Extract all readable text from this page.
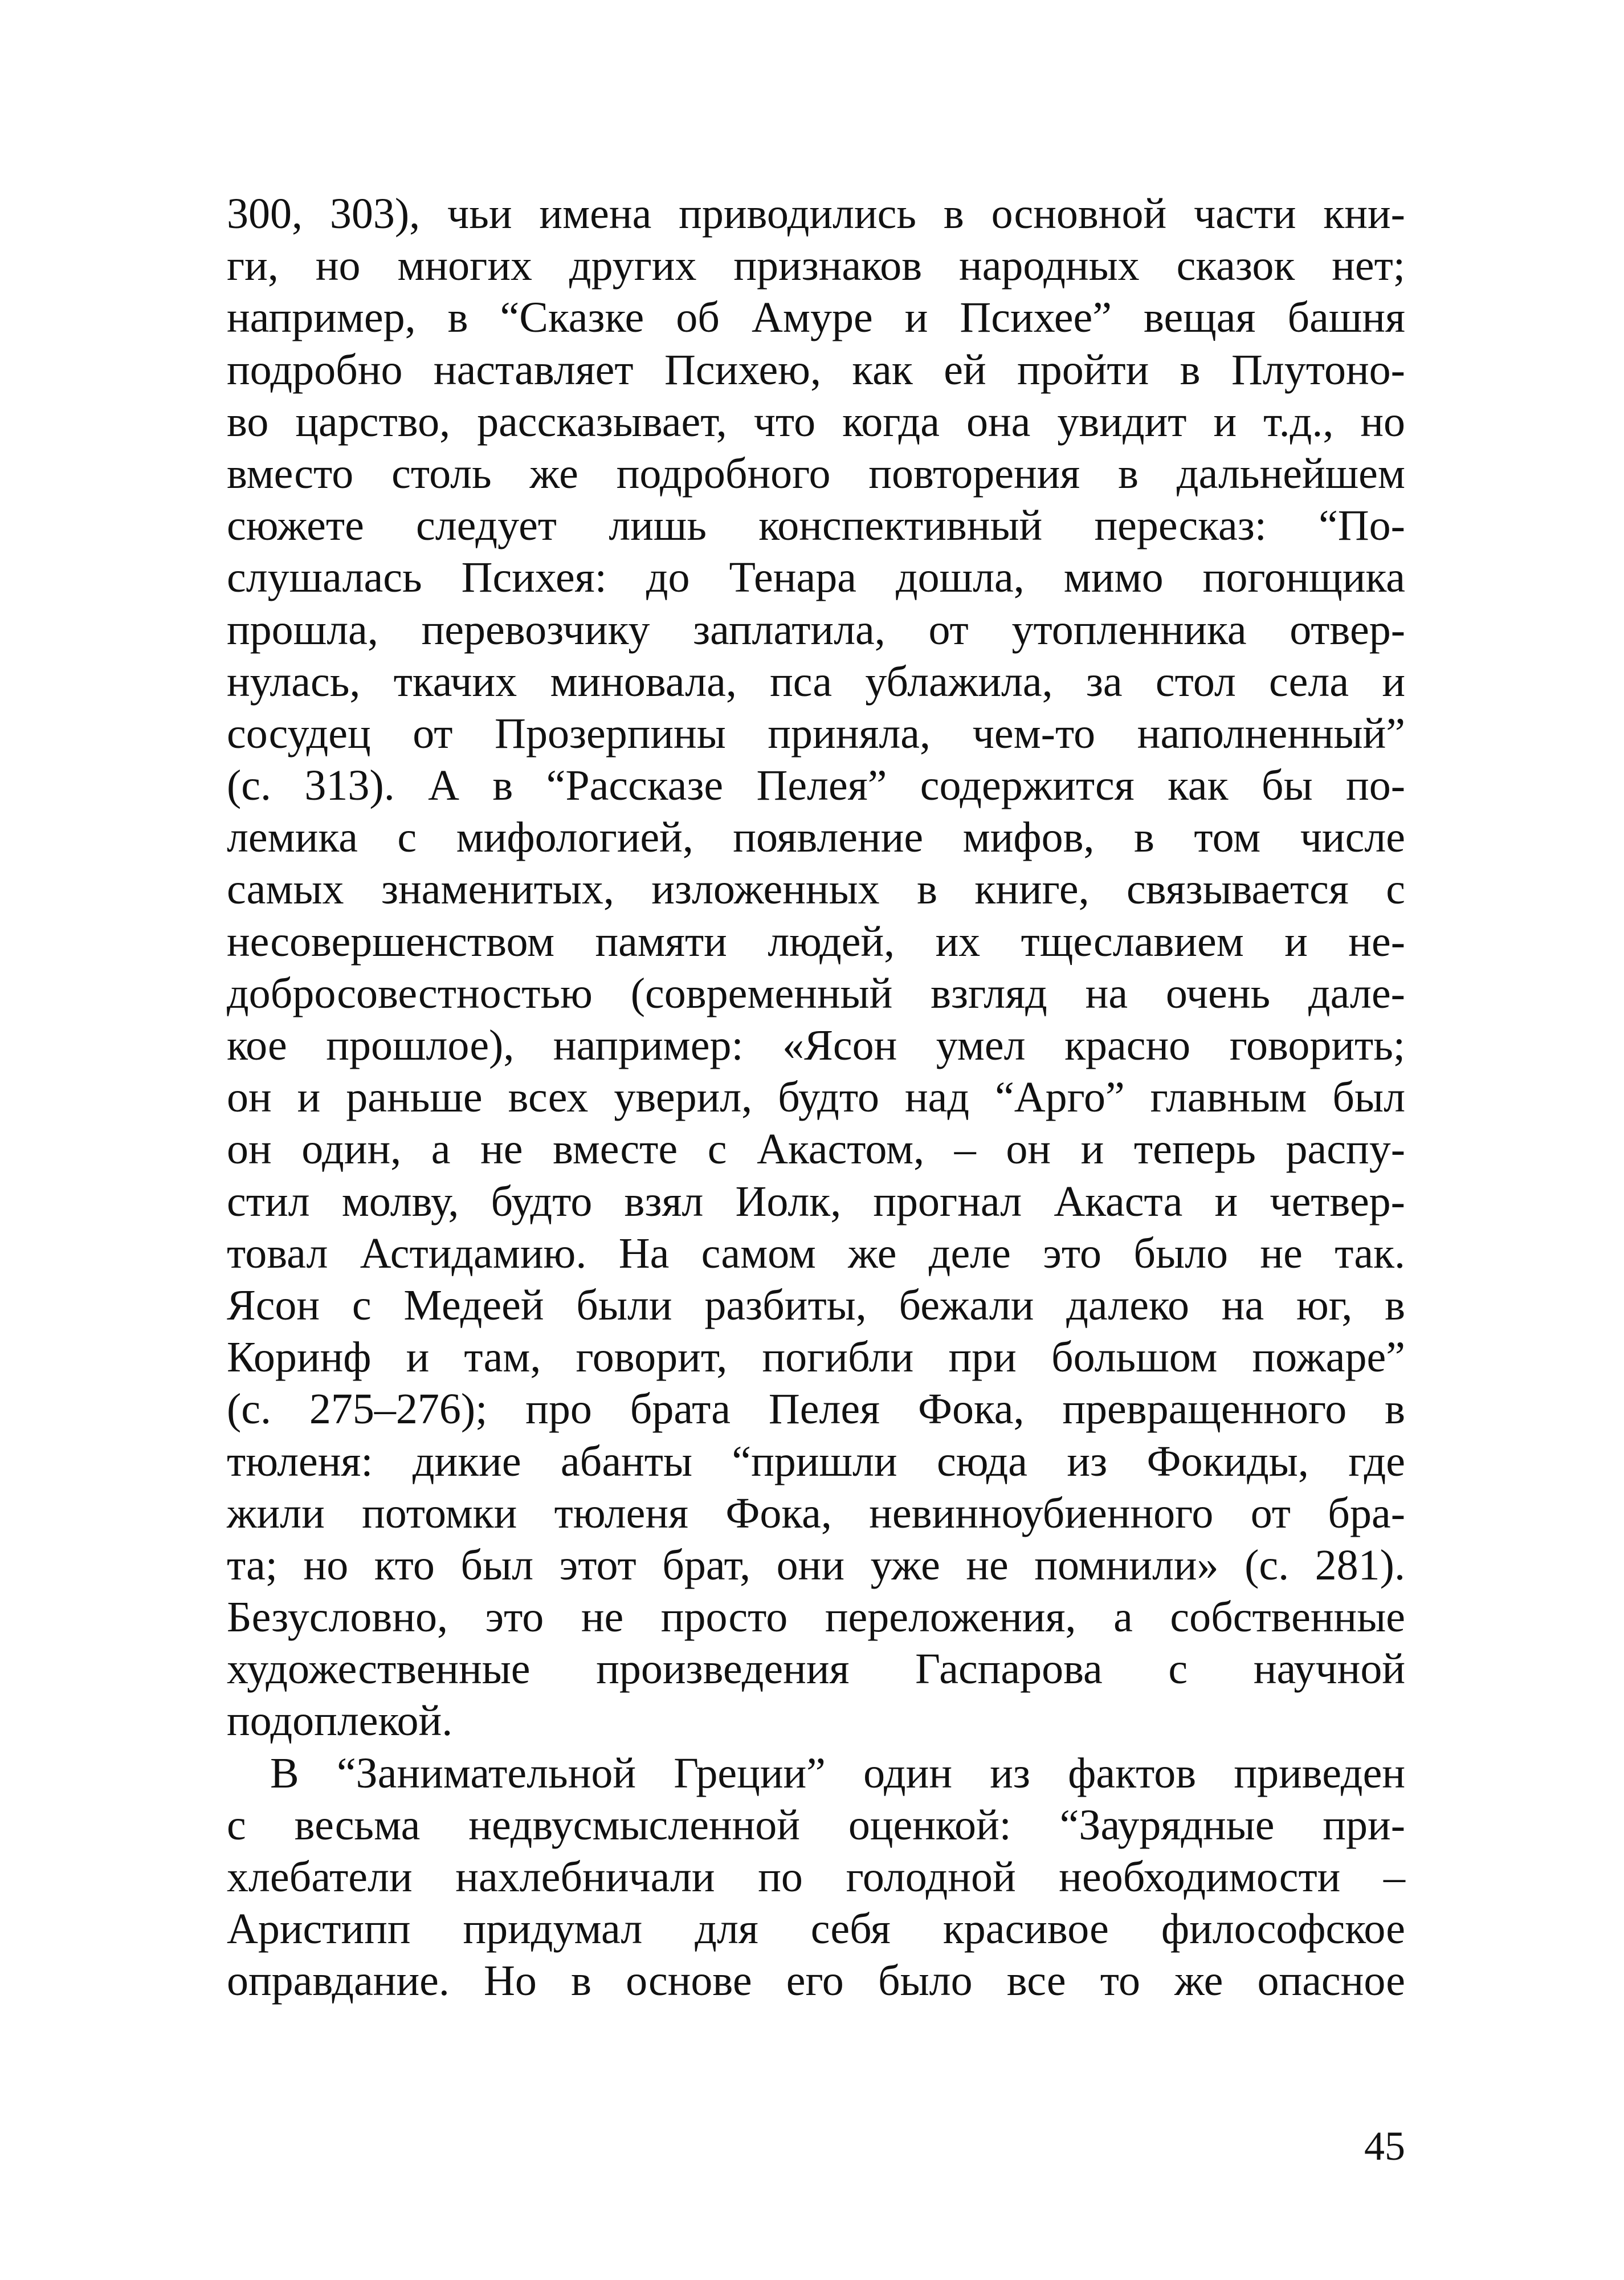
300, 303), чьи имена приводились в основной части кни-
ги, но многих других признаков народных сказок нет;
например, в “Сказке об Амуре и Психее” вещая башня
подробно наставляет Психею, как ей пройти в Плутоно-
во царство, рассказывает, что когда она увидит и т.д., но
вместо столь же подробного повторения в дальнейшем
сюжете следует лишь конспективный пересказ: “По-
слушалась Психея: до Тенара дошла, мимо погонщика
прошла, перевозчику заплатила, от утопленника отвер-
нулась, ткачих миновала, пса ублажила, за стол села и
сосудец от Прозерпины приняла, чем-то наполненный”
(с. 313). А в “Рассказе Пелея” содержится как бы по-
лемика с мифологией, появление мифов, в том числе
самых знаменитых, изложенных в книге, связывается с
несовершенством памяти людей, их тщеславием и не-
добросовестностью (современный взгляд на очень дале-
кое прошлое), например: «Ясон умел красно говорить;
он и раньше всех уверил, будто над “Арго” главным был
он один, а не вместе с Акастом, – он и теперь распу-
стил молву, будто взял Иолк, прогнал Акаста и четвер-
товал Астидамию. На самом же деле это было не так.
Ясон с Медеей были разбиты, бежали далеко на юг, в
Коринф и там, говорит, погибли при большом пожаре”
(с. 275–276); про брата Пелея Фока, превращенного в
тюленя: дикие абанты “пришли сюда из Фокиды, где
жили потомки тюленя Фока, невинноубиенного от бра-
та; но кто был этот брат, они уже не помнили» (с. 281).
Безусловно, это не просто переложения, а собственные
художественные произведения Гаспарова с научной
подоплекой.
В “Занимательной Греции” один из фактов приведен
с весьма недвусмысленной оценкой: “Заурядные при-
хлебатели нахлебничали по голодной необходимости –
Аристипп придумал для себя красивое философское
оправдание. Но в основе его было все то же опасное
45
